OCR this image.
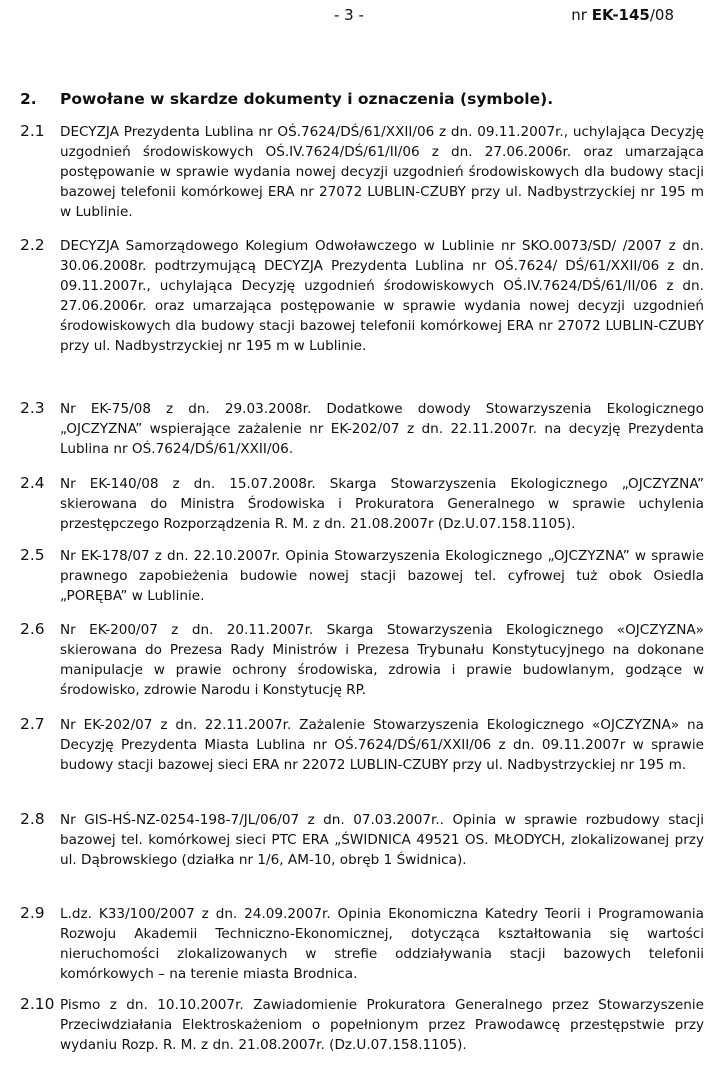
- 3 -	nr EK-145/08
2. Powołane w skardze dokumenty i oznaczenia (symbole).
2.1 DECYZJA Prezydenta Lublina nr OŚ.7624/DŚ/61/XXII/06 z dn. 09.11.2007r., uchylająca Decyzję uzgodnień środowiskowych OŚ.IV.7624/DŚ/61/II/06 z dn. 27.06.2006r. oraz umarzająca postępowanie w sprawie wydania nowej decyzji uzgodnień środowiskowych dla budowy stacji bazowej telefonii komórkowej ERA nr 27072 LUBLIN-CZUBY przy ul. Nadbystrzyckiej nr 195 m w Lublinie.
2.2 DECYZJA Samorządowego Kolegium Odwoławczego w Lublinie nr SKO.0073/SD/ /2007 z dn. 30.06.2008r. podtrzymującą DECYZJA Prezydenta Lublina nr OŚ.7624/ DŚ/61/XXII/06 z dn. 09.11.2007r., uchylająca Decyzję uzgodnień środowiskowych OŚ.IV.7624/DŚ/61/II/06 z dn. 27.06.2006r. oraz umarzająca postępowanie w sprawie wydania nowej decyzji uzgodnień środowiskowych dla budowy stacji bazowej telefonii komórkowej ERA nr 27072 LUBLIN-CZUBY przy ul. Nadbystrzyckiej nr 195 m w Lublinie.
2.3 Nr EK-75/08 z dn. 29.03.2008r. Dodatkowe dowody Stowarzyszenia Ekologicznego „OJCZYZNA” wspierające zażalenie nr EK-202/07 z dn. 22.11.2007r. na decyzję Prezydenta Lublina nr OŚ.7624/DŚ/61/XXII/06.
2.4 Nr EK-140/08 z dn. 15.07.2008r. Skarga Stowarzyszenia Ekologicznego „OJCZYZNA” skierowana do Ministra Środowiska i Prokuratora Generalnego w sprawie uchylenia przestępczego Rozporządzenia R. M. z dn. 21.08.2007r (Dz.U.07.158.1105).
2.5 Nr EK-178/07 z dn. 22.10.2007r. Opinia Stowarzyszenia Ekologicznego „OJCZYZNA” w sprawie prawnego zapobieżenia budowie nowej stacji bazowej tel. cyfrowej tuż obok Osiedla „PORĘBA” w Lublinie.
2.6 Nr EK-200/07 z dn. 20.11.2007r. Skarga Stowarzyszenia Ekologicznego «OJCZYZNA» skierowana do Prezesa Rady Ministrów i Prezesa Trybunału Konstytucyjnego na dokonane manipulacje w prawie ochrony środowiska, zdrowia i prawie budowlanym, godzące w środowisko, zdrowie Narodu i Konstytucję RP.
2.7 Nr EK-202/07 z dn. 22.11.2007r. Zażalenie Stowarzyszenia Ekologicznego «OJCZYZNA» na Decyzję Prezydenta Miasta Lublina nr OŚ.7624/DŚ/61/XXII/06 z dn. 09.11.2007r w sprawie budowy stacji bazowej sieci ERA nr 22072 LUBLIN-CZUBY przy ul. Nadbystrzyckiej nr 195 m.
2.8 Nr GIS-HŚ-NZ-0254-198-7/JL/06/07 z dn. 07.03.2007r.. Opinia w sprawie rozbudowy stacji bazowej tel. komórkowej sieci PTC ERA „ŚWIDNICA 49521 OS. MŁODYCH, zlokalizowanej przy ul. Dąbrowskiego (działka nr 1/6, AM-10, obręb 1 Świdnica).
2.9 L.dz. K33/100/2007 z dn. 24.09.2007r. Opinia Ekonomiczna Katedry Teorii i Programowania Rozwoju Akademii Techniczno-Ekonomicznej, dotycząca kształtowania się wartości nieruchomości zlokalizowanych w strefie oddziaływania stacji bazowych telefonii komórkowych – na terenie miasta Brodnica.
2.10 Pismo z dn. 10.10.2007r. Zawiadomienie Prokuratora Generalnego przez Stowarzyszenie Przeciwdziałania Elektroskażeniom o popełnionym przez Prawodawcę przestępstwie przy wydaniu Rozp. R. M. z dn. 21.08.2007r. (Dz.U.07.158.1105).
